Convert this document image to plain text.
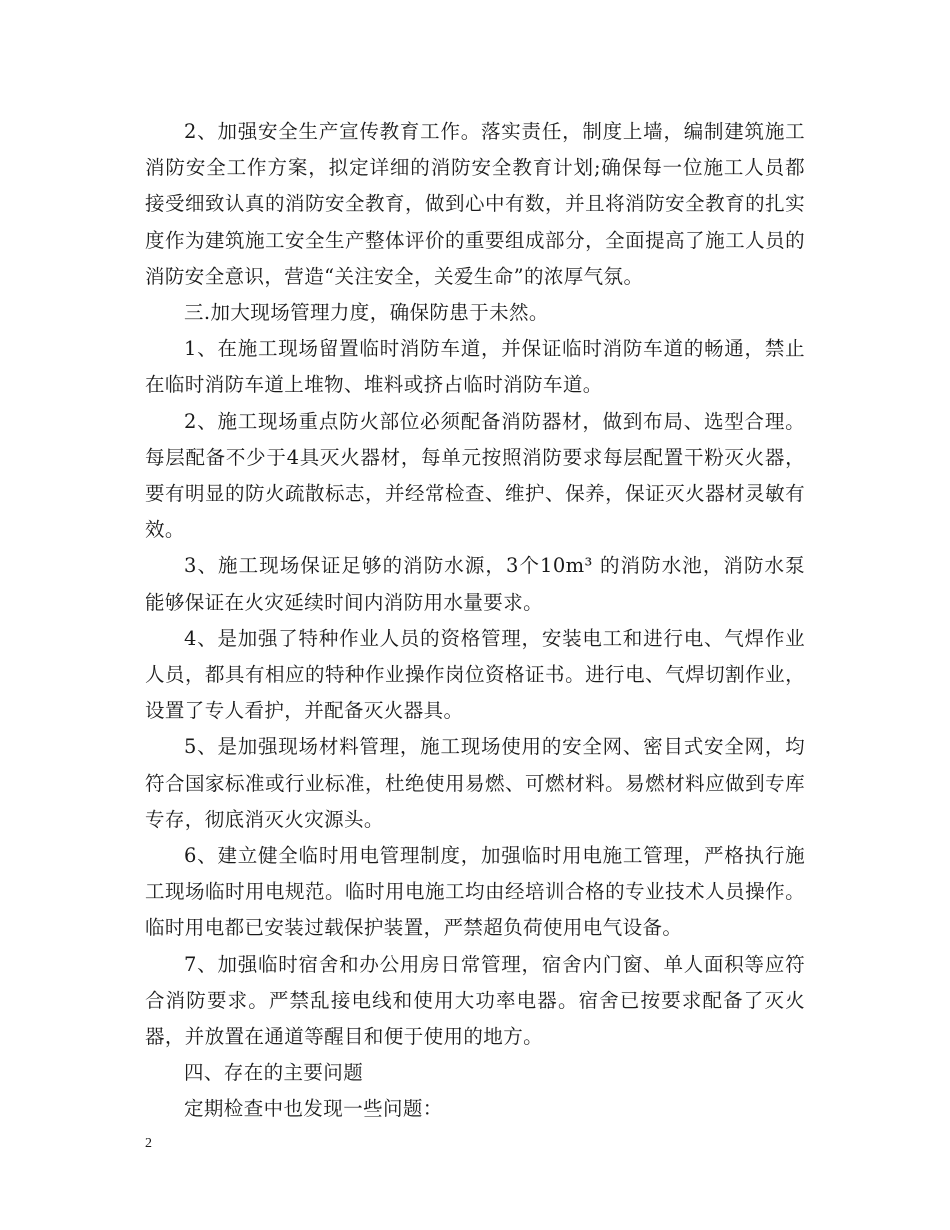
2、加强安全生产宣传教育工作。落实责任，制度上墙，编制建筑施工消防安全工作方案，拟定详细的消防安全教育计划;确保每一位施工人员都接受细致认真的消防安全教育，做到心中有数，并且将消防安全教育的扎实度作为建筑施工安全生产整体评价的重要组成部分，全面提高了施工人员的消防安全意识，营造“关注安全，关爱生命”的浓厚气氛。

三.加大现场管理力度，确保防患于未然。

1、在施工现场留置临时消防车道，并保证临时消防车道的畅通，禁止在临时消防车道上堆物、堆料或挤占临时消防车道。

2、施工现场重点防火部位必须配备消防器材，做到布局、选型合理。每层配备不少于4具灭火器材，每单元按照消防要求每层配置干粉灭火器，要有明显的防火疏散标志，并经常检查、维护、保养，保证灭火器材灵敏有效。

3、施工现场保证足够的消防水源，3个10m³ 的消防水池，消防水泵能够保证在火灾延续时间内消防用水量要求。

4、是加强了特种作业人员的资格管理，安装电工和进行电、气焊作业人员，都具有相应的特种作业操作岗位资格证书。进行电、气焊切割作业，设置了专人看护，并配备灭火器具。

5、是加强现场材料管理，施工现场使用的安全网、密目式安全网，均符合国家标准或行业标准，杜绝使用易燃、可燃材料。易燃材料应做到专库专存，彻底消灭火灾源头。

6、建立健全临时用电管理制度，加强临时用电施工管理，严格执行施工现场临时用电规范。临时用电施工均由经培训合格的专业技术人员操作。临时用电都已安装过载保护装置，严禁超负荷使用电气设备。

7、加强临时宿舍和办公用房日常管理，宿舍内门窗、单人面积等应符合消防要求。严禁乱接电线和使用大功率电器。宿舍已按要求配备了灭火器，并放置在通道等醒目和便于使用的地方。

四、存在的主要问题

定期检查中也发现一些问题：

2
